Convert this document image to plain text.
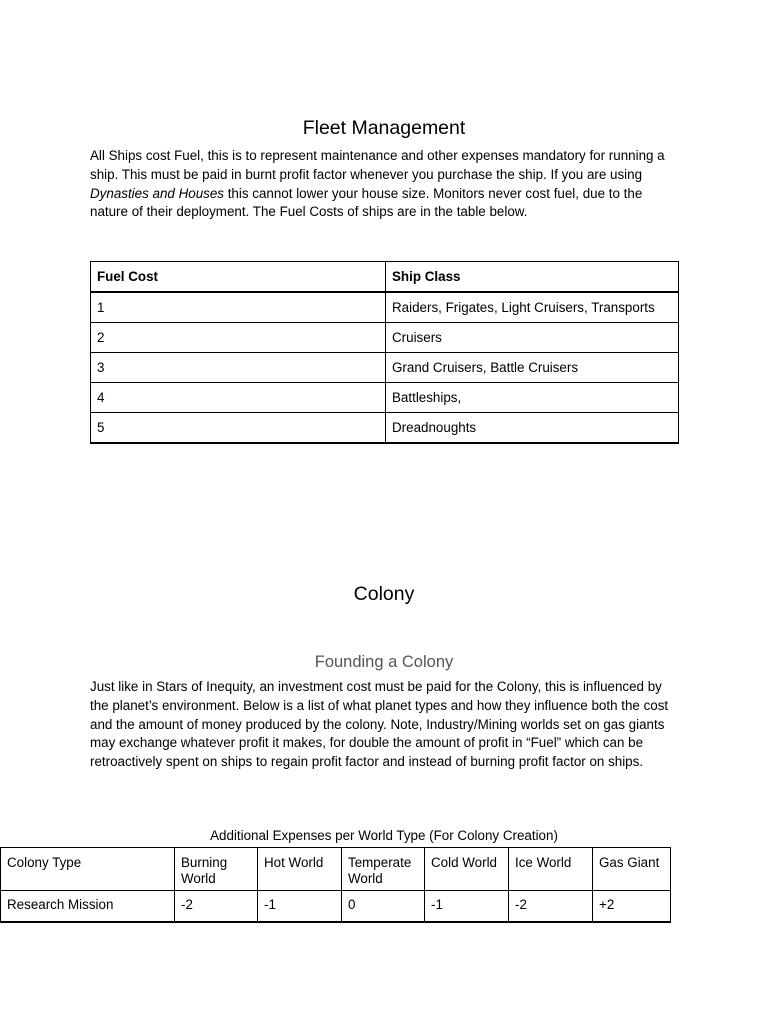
Fleet Management

All Ships cost Fuel, this is to represent maintenance and other expenses mandatory for running a ship. This must be paid in burnt profit factor whenever you purchase the ship. If you are using Dynasties and Houses this cannot lower your house size. Monitors never cost fuel, due to the nature of their deployment. The Fuel Costs of ships are in the table below.

Fuel Cost	Ship Class
1	Raiders, Frigates, Light Cruisers, Transports
2	Cruisers
3	Grand Cruisers, Battle Cruisers
4	Battleships,
5	Dreadnoughts
Colony
Founding a Colony

Just like in Stars of Inequity, an investment cost must be paid for the Colony, this is influenced by the planet’s environment. Below is a list of what planet types and how they influence both the cost and the amount of money produced by the colony. Note, Industry/Mining worlds set on gas giants may exchange whatever profit it makes, for double the amount of profit in “Fuel” which can be retroactively spent on ships to regain profit factor and instead of burning profit factor on ships.

Additional Expenses per World Type (For Colony Creation)
Colony Type	Burning World	Hot World	Temperate World	Cold World	Ice World	Gas Giant
Research Mission	-2	-1	0	-1	-2	+2
